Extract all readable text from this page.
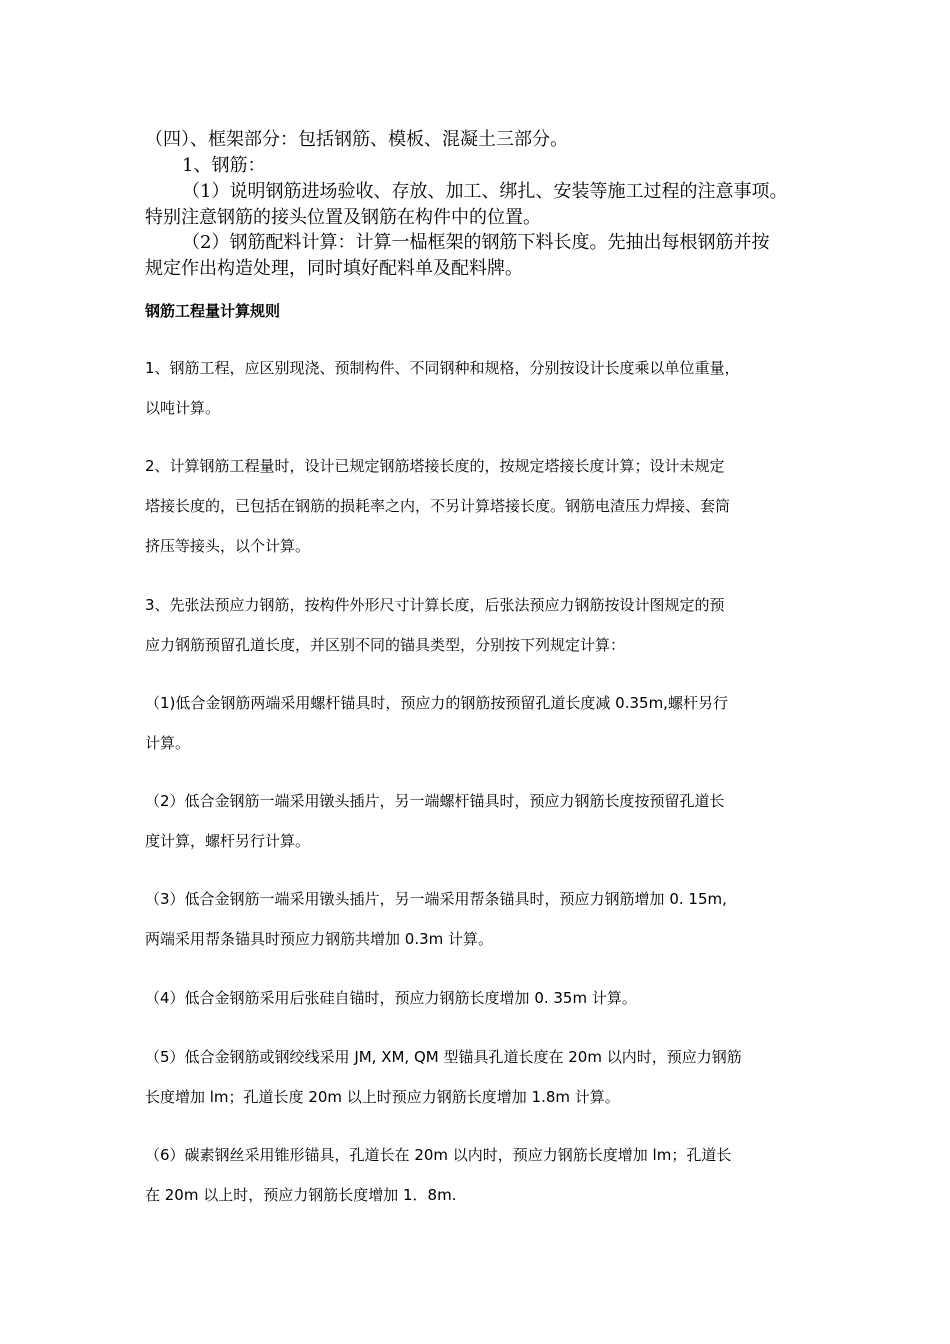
（四）、框架部分：包括钢筋、模板、混凝土三部分。
1、钢筋：
（1）说明钢筋进场验收、存放、加工、绑扎、安装等施工过程的注意事项。
特别注意钢筋的接头位置及钢筋在构件中的位置。
（2）钢筋配料计算：计算一榀框架的钢筋下料长度。先抽出每根钢筋并按
规定作出构造处理，同时填好配料单及配料牌。
钢筋工程量计算规则
1、钢筋工程，应区别现浇、预制构件、不同钢种和规格，分别按设计长度乘以单位重量，
以吨计算。
2、计算钢筋工程量时，设计已规定钢筋塔接长度的，按规定塔接长度计算；设计未规定
塔接长度的，已包括在钢筋的损耗率之内，不另计算塔接长度。钢筋电渣压力焊接、套筒
挤压等接头，以个计算。
3、先张法预应力钢筋，按构件外形尺寸计算长度，后张法预应力钢筋按设计图规定的预
应力钢筋预留孔道长度，并区别不同的锚具类型，分别按下列规定计算：
（1)低合金钢筋两端采用螺杆锚具时，预应力的钢筋按预留孔道长度减 0.35m,螺杆另行
计算。
（2）低合金钢筋一端采用镦头插片，另一端螺杆锚具时，预应力钢筋长度按预留孔道长
度计算，螺杆另行计算。
（3）低合金钢筋一端采用镦头插片，另一端采用帮条锚具时，预应力钢筋增加 0. 15m,
两端采用帮条锚具时预应力钢筋共增加 0.3m 计算。
（4）低合金钢筋采用后张硅自锚时，预应力钢筋长度增加 0. 35m 计算。
（5）低合金钢筋或钢绞线采用 JM, XM, QM 型锚具孔道长度在 20m 以内时，预应力钢筋
长度增加 lm；孔道长度 20m 以上时预应力钢筋长度增加 1.8m 计算。
（6）碳素钢丝采用锥形锚具，孔道长在 20m 以内时，预应力钢筋长度增加 lm；孔道长
在 20m 以上时，预应力钢筋长度增加 1．8m.
